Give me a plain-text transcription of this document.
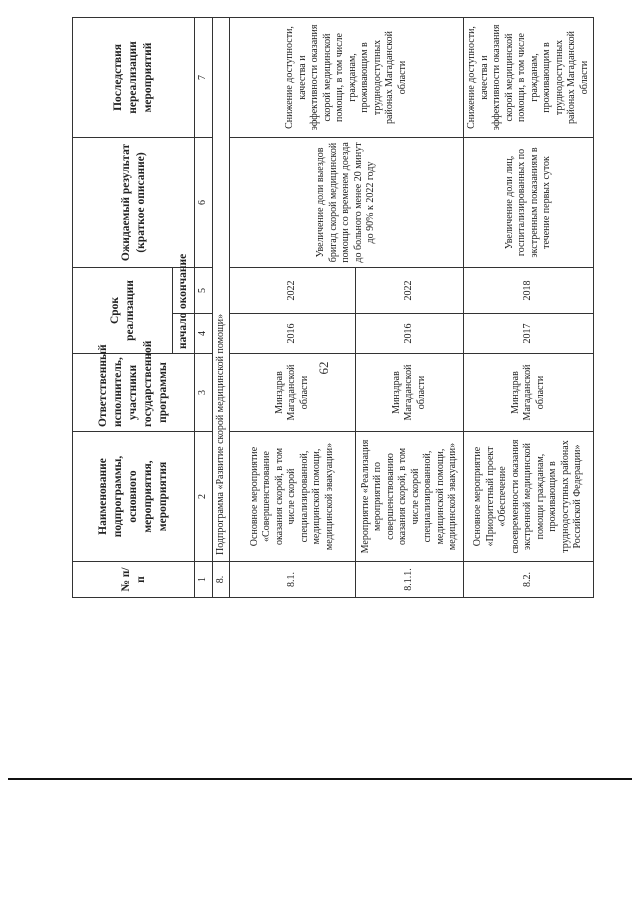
62
№ п/п	Наименование подпрограммы, основного мероприятия, мероприятия	Ответственный исполнитель, участники государственной программы	Срок реализации		Ожидаемый результат (краткое описание)	Последствия нереализации мероприятий
			начало	окончание		
1	2	3	4	5	6	7
8.	Подпрограмма «Развитие скорой медицинской помощи»					
8.1.	Основное мероприятие «Совершенствование оказания скорой, в том числе скорой специализированной, медицинской помощи, медицинской эвакуации»	Минздрав Магаданской области	2016	2022	Увеличение доли выездов бригад скорой медицинской помощи со временем доезда до больного менее 20 минут до 90% к 2022 году	Снижение доступности, качества и эффективности оказания скорой медицинской помощи, в том числе гражданам, проживающим в труднодоступных районах Магаданской области
8.1.1.	Мероприятие «Реализация мероприятий по совершенствованию оказания скорой, в том числе скорой специализированной, медицинской помощи, медицинской эвакуации»	Минздрав Магаданской области	2016	2022		
8.2.	Основное мероприятие «Приоритетный проект «Обеспечение своевременности оказания экстренной медицинской помощи гражданам, проживающим в труднодоступных районах Российской Федерации»	Минздрав Магаданской области	2017	2018	Увеличение доли лиц, госпитализированных по экстренным показаниям в течение первых суток	Снижение доступности, качества и эффективности оказания скорой медицинской помощи, в том числе гражданам, проживающим в труднодоступных районах Магаданской области
